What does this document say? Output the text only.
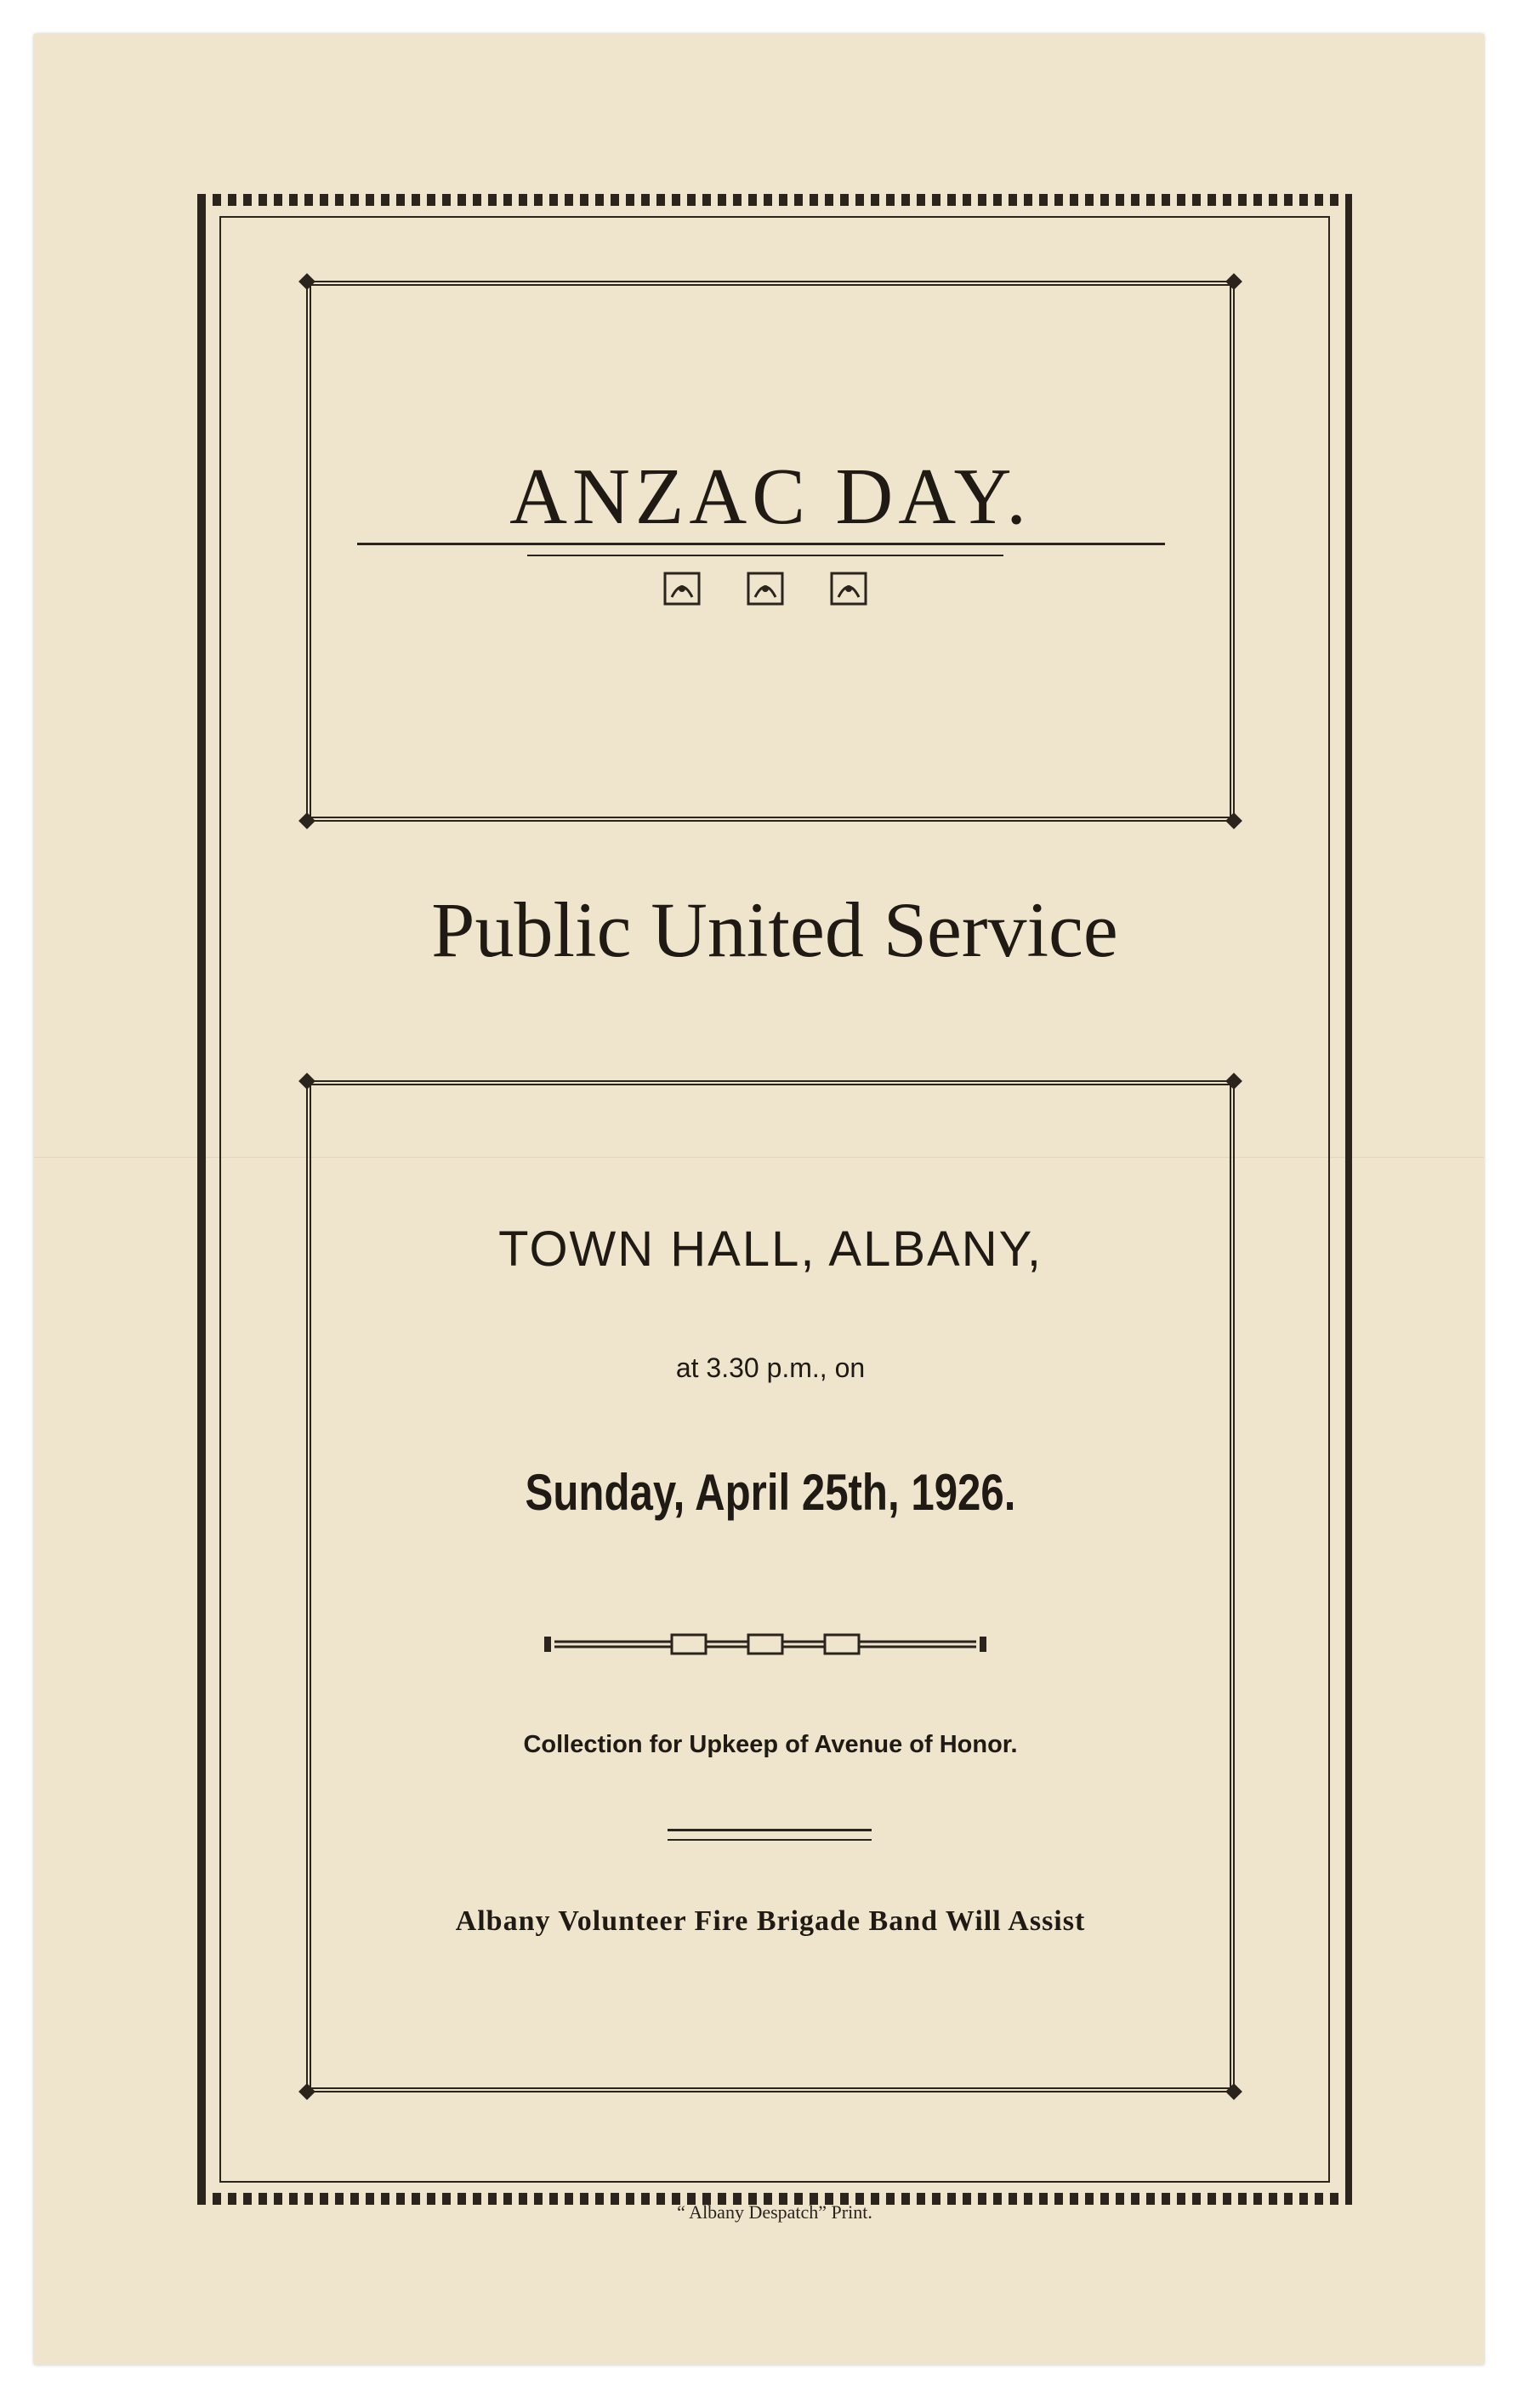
ANZAC DAY.
Public United Service
TOWN HALL, ALBANY,
at 3.30 p.m., on
Sunday, April 25th, 1926.
Collection for Upkeep of Avenue of Honor.
Albany Volunteer Fire Brigade Band Will Assist
“ Albany Despatch” Print.
